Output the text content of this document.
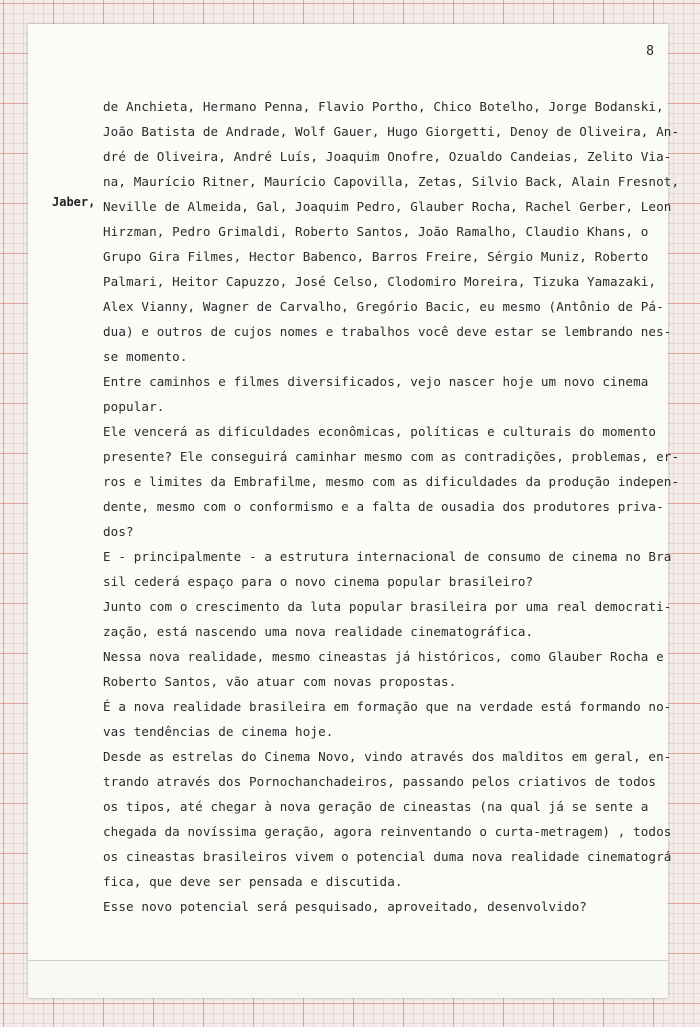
8
Jaber,
de Anchieta, Hermano Penna, Flavio Portho, Chico Botelho, Jorge Bodanski,
João Batista de Andrade, Wolf Gauer, Hugo Giorgetti, Denoy de Oliveira, An-
dré de Oliveira, André Luís, Joaquim Onofre, Ozualdo Candeias, Zelito Via-
na, Maurício Ritner, Maurício Capovilla, Zetas, Silvio Back, Alain Fresnot,
Neville de Almeida, Gal, Joaquim Pedro, Glauber Rocha, Rachel Gerber, Leon
Hirzman, Pedro Grimaldi, Roberto Santos, João Ramalho, Claudio Khans, o
Grupo Gira Filmes, Hector Babenco, Barros Freire, Sérgio Muniz, Roberto
Palmari, Heitor Capuzzo, José Celso, Clodomiro Moreira, Tizuka Yamazaki,
Alex Vianny, Wagner de Carvalho, Gregório Bacic, eu mesmo (Antônio de Pá-
dua) e outros de cujos nomes e trabalhos você deve estar se lembrando nes-
se momento.
Entre caminhos e filmes diversificados, vejo nascer hoje um novo cinema
popular.
Ele vencerá as dificuldades econômicas, políticas e culturais do momento
presente? Ele conseguirá caminhar mesmo com as contradições, problemas, er-
ros e limites da Embrafilme, mesmo com as dificuldades da produção indepen-
dente, mesmo com o conformismo e a falta de ousadia dos produtores priva-
dos?
E - principalmente - a estrutura internacional de consumo de cinema no Bra
sil cederá espaço para o novo cinema popular brasileiro?
Junto com o crescimento da luta popular brasileira por uma real democrati-
zação, está nascendo uma nova realidade cinematográfica.
Nessa nova realidade, mesmo cineastas já históricos, como Glauber Rocha e
Roberto Santos, vão atuar com novas propostas.
É a nova realidade brasileira em formação que na verdade está formando no-
vas tendências de cinema hoje.
Desde as estrelas do Cinema Novo, vindo através dos malditos em geral, en-
trando através dos Pornochanchadeiros, passando pelos criativos de todos
os tipos, até chegar à nova geração de cineastas (na qual já se sente a
chegada da novíssima geração, agora reinventando o curta-metragem) , todos
os cineastas brasileiros vivem o potencial duma nova realidade cinematográ
fica, que deve ser pensada e discutida.
Esse novo potencial será pesquisado, aproveitado, desenvolvido?
